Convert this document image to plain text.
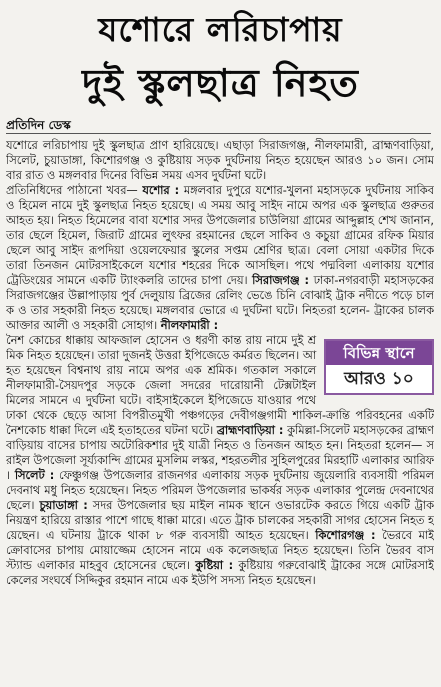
যশোরে লরিচাপায়
দুই স্কুলছাত্র নিহত
প্রতিদিন ডেস্ক

যশোরে লরিচাপায় দুই স্কুলছাত্র প্রাণ হারিয়েছে। এছাড়া সিরাজগঞ্জ, নীলফামারী, ব্রাহ্মণবাড়িয়া, সিলেট, চুয়াডাঙ্গা, কিশোরগঞ্জ ও কুষ্টিয়ায় সড়ক দুর্ঘটনায় নিহত হয়েছেন আরও ১০ জন। সোমবার রাত ও মঙ্গলবার দিনের বিভিন্ন সময় এসব দুর্ঘটনা ঘটে।

প্রতিনিধিদের পাঠানো খবর— যশোর : মঙ্গলবার দুপুরে যশোর-খুলনা মহাসড়কে দুর্ঘটনায় সাকিব ও হিমেল নামে দুই স্কুলছাত্র নিহত হয়েছে। এ সময় আবু সাইদ নামে অপর এক স্কুলছাত্র গুরুতর আহত হয়। নিহত হিমেলের বাবা যশোর সদর উপজেলার চাউলিয়া গ্রামের আব্দুল্লাহ শেখ জানান, তার ছেলে হিমেল, জিরাট গ্রামের লুৎফর রহমানের ছেলে সাকিব ও কচুয়া গ্রামের রফিক মিয়ার ছেলে আবু সাইদ রূপদিয়া ওয়েলফেয়ার স্কুলের সপ্তম শ্রেণির ছাত্র। বেলা সোয়া একটার দিকে তারা তিনজন মোটরসাইকেলে যশোর শহরের দিকে আসছিল। পথে পদ্মবিলা এলাকায় যশোর ট্রেডিংয়ের সামনে একটি ট্যাংকলরি তাদের চাপা দেয়। সিরাজগঞ্জ : ঢাকা-নগরবাড়ী মহাসড়কের সিরাজগঞ্জের উল্লাপাড়ায় পুর্ব দেলুয়ায় ব্রিজের রেলিং ভেঙে চিনি বোঝাই ট্রাক নদীতে পড়ে চালক ও তার সহকারী নিহত হয়েছে। মঙ্গলবার ভোরে এ দুর্ঘটনা ঘটে। নিহতরা হলেন- ট্রাকের চালক আক্তার আলী ও সহকারী সোহাগ। নীলফামারী :

বিভিন্ন স্থানে
আরও ১০
নৈশ কোচের ধাক্কায় আফজাল হোসেন ও ধরণী কান্ত রায় নামে দুই শ্রমিক নিহত হয়েছেন। তারা দুজনই উত্তরা ইপিজেডে কর্মরত ছিলেন। আহত হয়েছেন বিশ্বনাথ রায় নামে অপর এক শ্রমিক। গতকাল সকালে নীলফামারী-সৈয়দপুর সড়কে জেলা সদরের দারোয়ানী টেক্সটাইল মিলের সামনে এ দুর্ঘটনা ঘটে। বাইসাইকেলে ইপিজেডে যাওয়ার পথে ঢাকা থেকে ছেড়ে আসা বিপরীতমুখী পঞ্চগড়ের দেবীগঞ্জগামী শাকিল-ক্রান্তি পরিবহনের একটি নৈশকোচ ধাক্কা দিলে এই হতাহতের ঘটনা ঘটে। ব্রাহ্মণবাড়িয়া : কুমিল্লা-সিলেট মহাসড়কের ব্রাহ্মণবাড়িয়ায় বাসের চাপায় অটোরিকশার দুই যাত্রী নিহত ও তিনজন আহত হন। নিহতরা হলেন— সরাইল উপজেলা সূর্য্যকান্দি গ্রামের মুসলিম লস্কর, শহরতলীর সুহিলপুরের মিরহাটি এলাকার আরিফ। সিলেট : ফেঞ্চুগঞ্জ উপজেলার রাজনগর এলাকায় সড়ক দুর্ঘটনায় জুয়েলারি ব্যবসায়ী পরিমল দেবনাথ মধু নিহত হয়েছেন। নিহত পরিমল উপজেলার ভাকর্ষর সড়ক এলাকার পুলেন্দ্র দেবনাথের ছেলে। চুয়াডাঙ্গা : সদর উপজেলার ছয় মাইল নামক স্থানে ওভারটেক করতে গিয়ে একটি ট্রাক নিয়ন্ত্রণ হারিয়ে রাস্তার পাশে গাছে ধাক্কা মারে। এতে ট্রাক চালকের সহকারী সাগর হোসেন নিহত হয়েছেন। এ ঘটনায় ট্রাকে থাকা ৮ গরু ব্যবসায়ী আহত হয়েছেন। কিশোরগঞ্জ : ভৈরবে মাইক্রোবাসের চাপায় মোয়াজ্জেম হোসেন নামে এক কলেজছাত্র নিহত হয়েছেন। তিনি ভৈরব বাসস্ট্যান্ড এলাকার মাহবুব হোসেনের ছেলে। কুষ্টিয়া : কুষ্টিয়ায় গরুবোঝাই ট্রাকের সঙ্গে মোটরসাইকেলের সংঘর্ষে সিদ্দিকুর রহমান নামে এক ইউপি সদস্য নিহত হয়েছেন।
